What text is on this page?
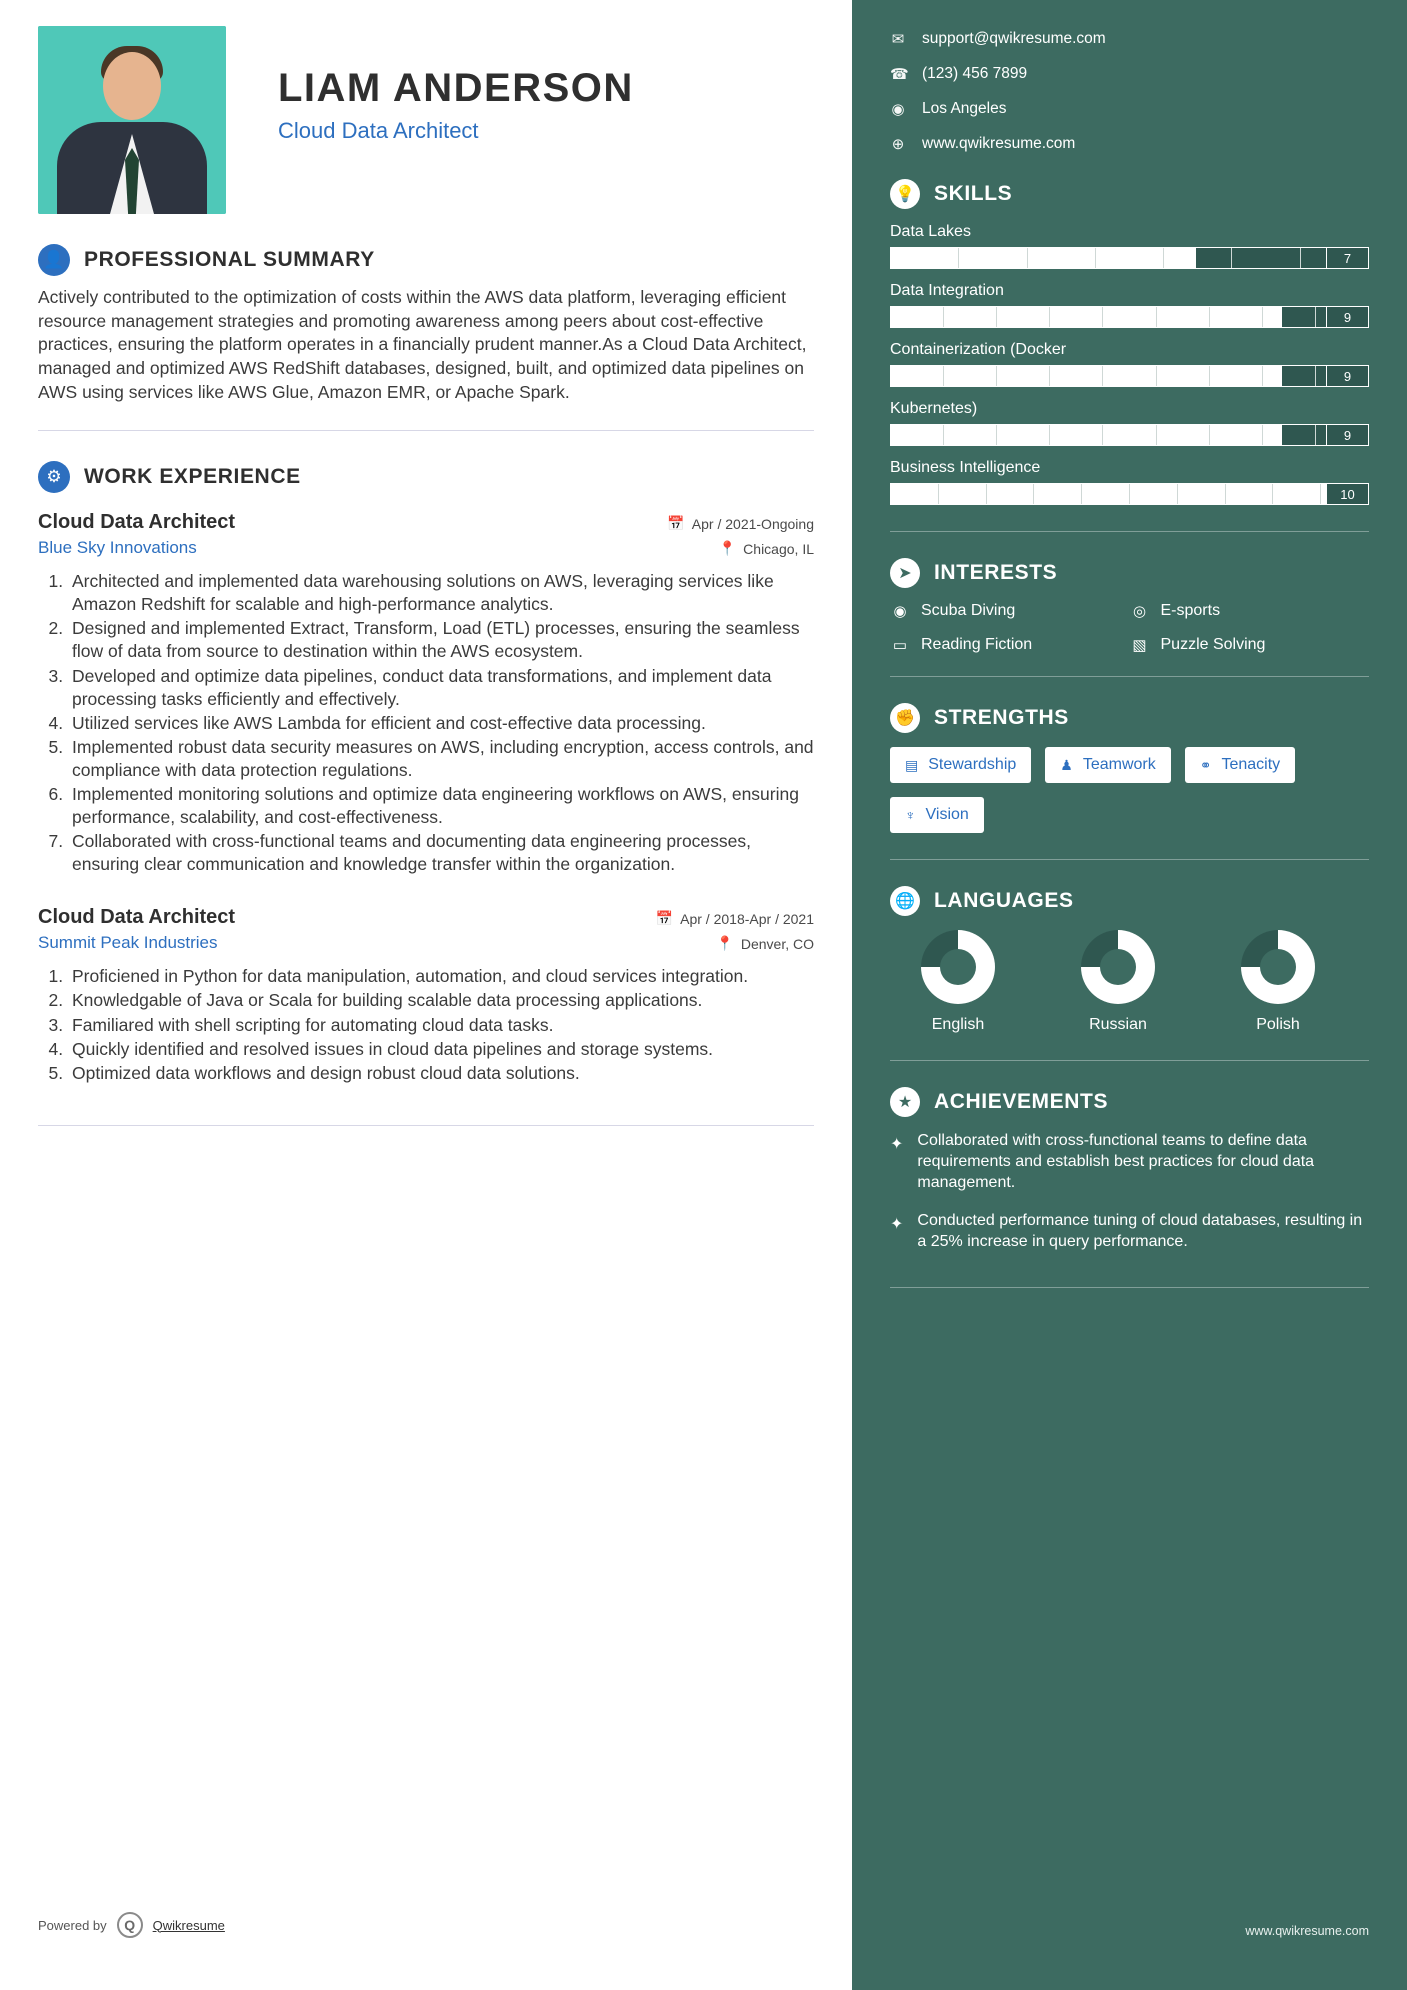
LIAM ANDERSON
Cloud Data Architect
👤 PROFESSIONAL SUMMARY
Actively contributed to the optimization of costs within the AWS data platform, leveraging efficient resource management strategies and promoting awareness among peers about cost-effective practices, ensuring the platform operates in a financially prudent manner.As a Cloud Data Architect, managed and optimized AWS RedShift databases, designed, built, and optimized data pipelines on AWS using services like AWS Glue, Amazon EMR, or Apache Spark.
⚙	WORK EXPERIENCE
Cloud Data Architect	📅 Apr / 2021-Ongoing
Blue Sky Innovations	📍 Chicago, IL
1. Architected and implemented data warehousing solutions on AWS, leveraging services like Amazon Redshift for scalable and high-performance analytics.
2. Designed and implemented Extract, Transform, Load (ETL) processes, ensuring the seamless flow of data from source to destination within the AWS ecosystem.
3. Developed and optimize data pipelines, conduct data transformations, and implement data processing tasks efficiently and effectively.
4. Utilized services like AWS Lambda for efficient and cost-effective data processing.
5. Implemented robust data security measures on AWS, including encryption, access controls, and compliance with data protection regulations.
6. Implemented monitoring solutions and optimize data engineering workflows on AWS, ensuring performance, scalability, and cost-effectiveness.
7. Collaborated with cross-functional teams and documenting data engineering processes, ensuring clear communication and knowledge transfer within the organization.
Cloud Data Architect	📅 Apr / 2018-Apr / 2021
Summit Peak Industries	📍 Denver, CO
1. Proficiened in Python for data manipulation, automation, and cloud services integration.
2. Knowledgable of Java or Scala for building scalable data processing applications.
3. Familiared with shell scripting for automating cloud data tasks.
4. Quickly identified and resolved issues in cloud data pipelines and storage systems.
5. Optimized data workflows and design robust cloud data solutions.
Powered by	Q	Qwikresume
✉ support@qwikresume.com
☎ (123) 456 7899
◉ Los Angeles
⊕ www.qwikresume.com
💡 SKILLS
Data Lakes
7
Data Integration
9
Containerization (Docker
9
Kubernetes)
9
Business Intelligence
10
➤	INTERESTS
◉ Scuba Diving	◎ E-sports
▭ Reading Fiction	▧ Puzzle Solving
✊ STRENGTHS
▤ Stewardship	♟ Teamwork	⚭ Tenacity
♆ Vision
🌐 LANGUAGES
English	Russian	Polish
★	ACHIEVEMENTS
✦ Collaborated with cross-functional teams to define data requirements and establish best practices for cloud data management.
✦ Conducted performance tuning of cloud databases, resulting in a 25% increase in query performance.
www.qwikresume.com
